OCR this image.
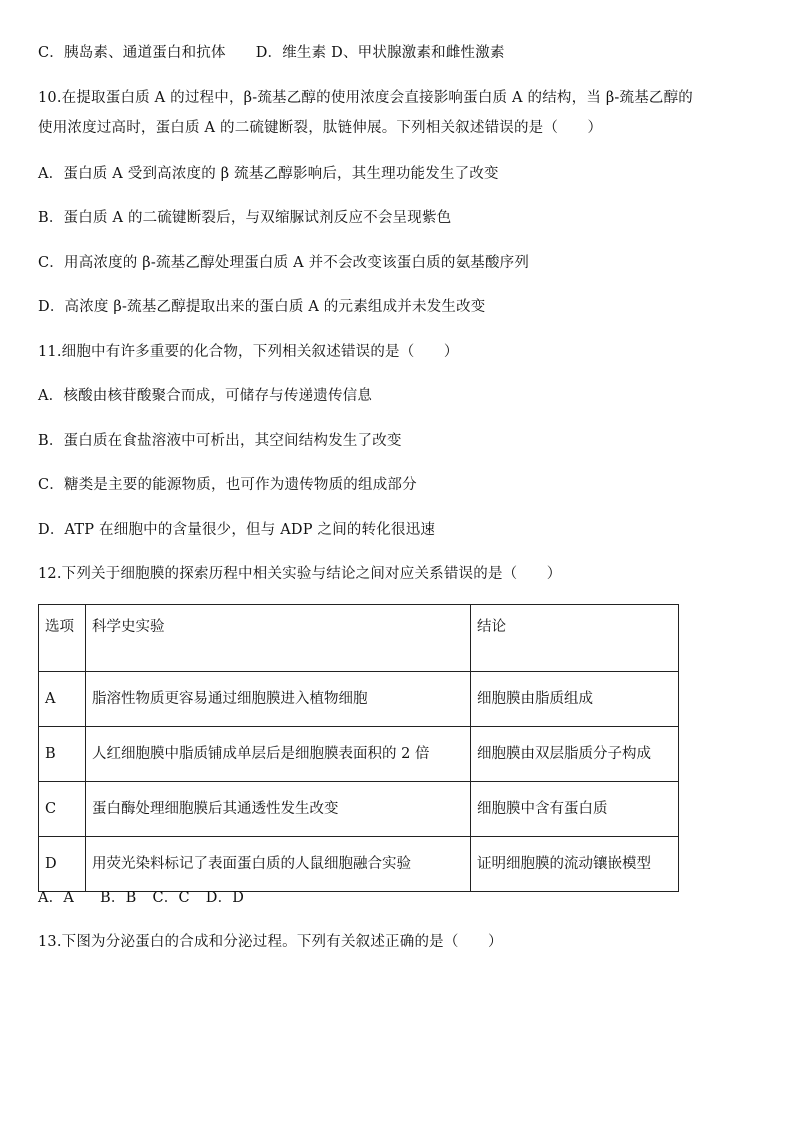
C．胰岛素、通道蛋白和抗体 D．维生素 D、甲状腺激素和雌性激素
10.在提取蛋白质 A 的过程中，β-巯基乙醇的使用浓度会直接影响蛋白质 A 的结构，当 β-巯基乙醇的
使用浓度过高时，蛋白质 A 的二硫键断裂，肽链伸展。下列相关叙述错误的是（　　）
A．蛋白质 A 受到高浓度的 β 巯基乙醇影响后，其生理功能发生了改变
B．蛋白质 A 的二硫键断裂后，与双缩脲试剂反应不会呈现紫色
C．用高浓度的 β-巯基乙醇处理蛋白质 A 并不会改变该蛋白质的氨基酸序列
D．高浓度 β-巯基乙醇提取出来的蛋白质 A 的元素组成并未发生改变
11.细胞中有许多重要的化合物，下列相关叙述错误的是（　　）
A．核酸由核苷酸聚合而成，可储存与传递遗传信息
B．蛋白质在食盐溶液中可析出，其空间结构发生了改变
C．糖类是主要的能源物质，也可作为遗传物质的组成部分
D．ATP 在细胞中的含量很少，但与 ADP 之间的转化很迅速
12.下列关于细胞膜的探索历程中相关实验与结论之间对应关系错误的是（　　）
选项	科学史实验	结论
A	脂溶性物质更容易通过细胞膜进入植物细胞	细胞膜由脂质组成
B	人红细胞膜中脂质铺成单层后是细胞膜表面积的 2 倍	细胞膜由双层脂质分子构成
C	蛋白酶处理细胞膜后其通透性发生改变	细胞膜中含有蛋白质
D	用荧光染料标记了表面蛋白质的人鼠细胞融合实验	证明细胞膜的流动镶嵌模型
A．A B．B C．C D．D
13.下图为分泌蛋白的合成和分泌过程。下列有关叙述正确的是（　　）
